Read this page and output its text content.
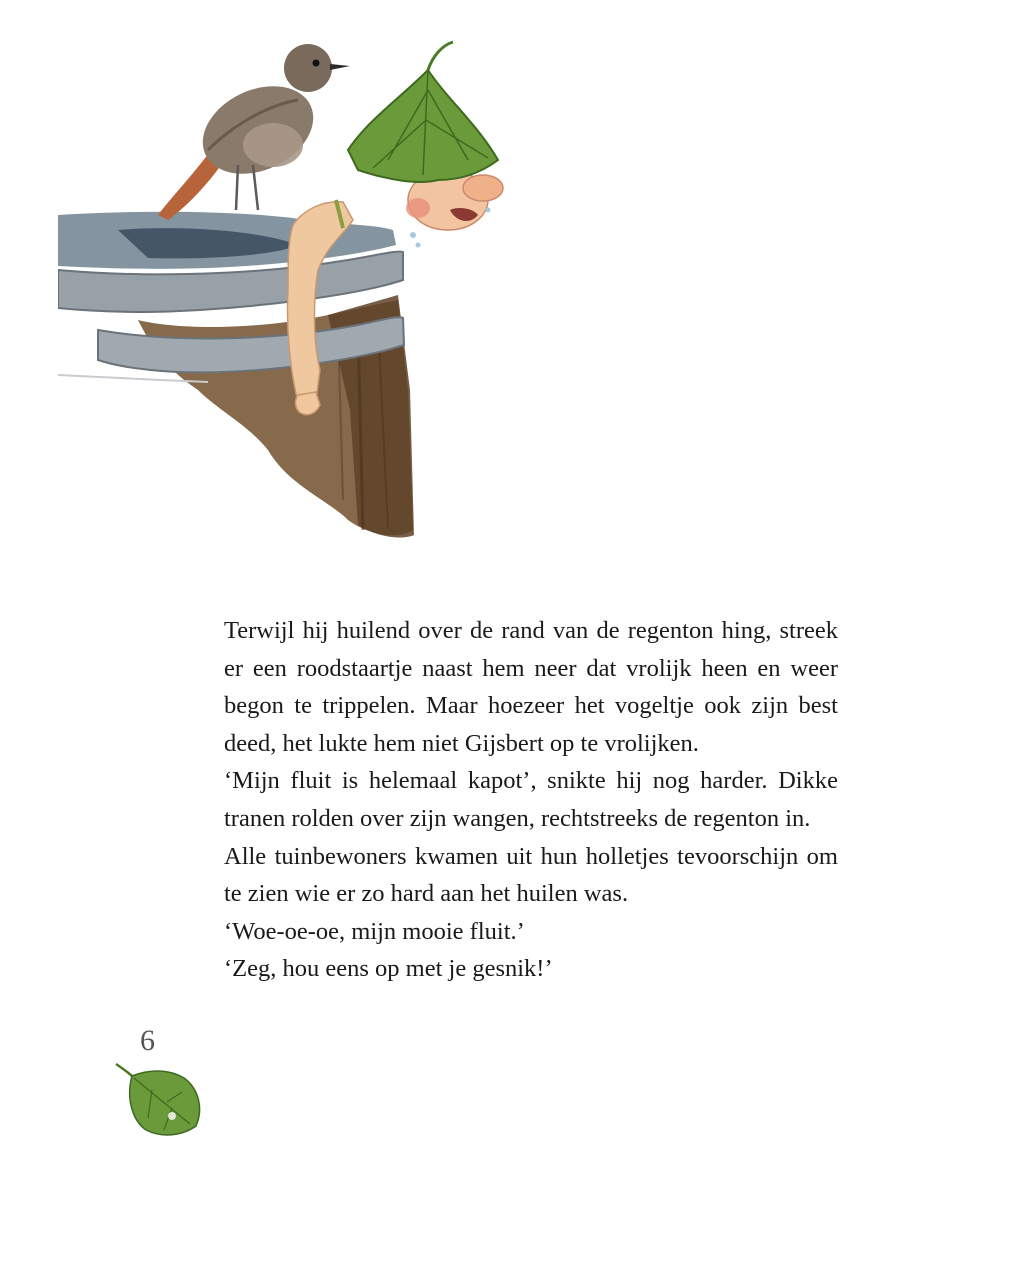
Terwijl hij huilend over de rand van de regenton hing, streek er een roodstaartje naast hem neer dat vrolijk heen en weer begon te trippelen. Maar hoezeer het vogeltje ook zijn best deed, het lukte hem niet Gijsbert op te vrolijken.

‘Mijn fluit is helemaal kapot’, snikte hij nog harder. Dikke tranen rolden over zijn wangen, rechtstreeks de regenton in.

Alle tuinbewoners kwamen uit hun holletjes tevoorschijn om te zien wie er zo hard aan het huilen was.

‘Woe-oe-oe, mijn mooie fluit.’

‘Zeg, hou eens op met je gesnik!’

6
